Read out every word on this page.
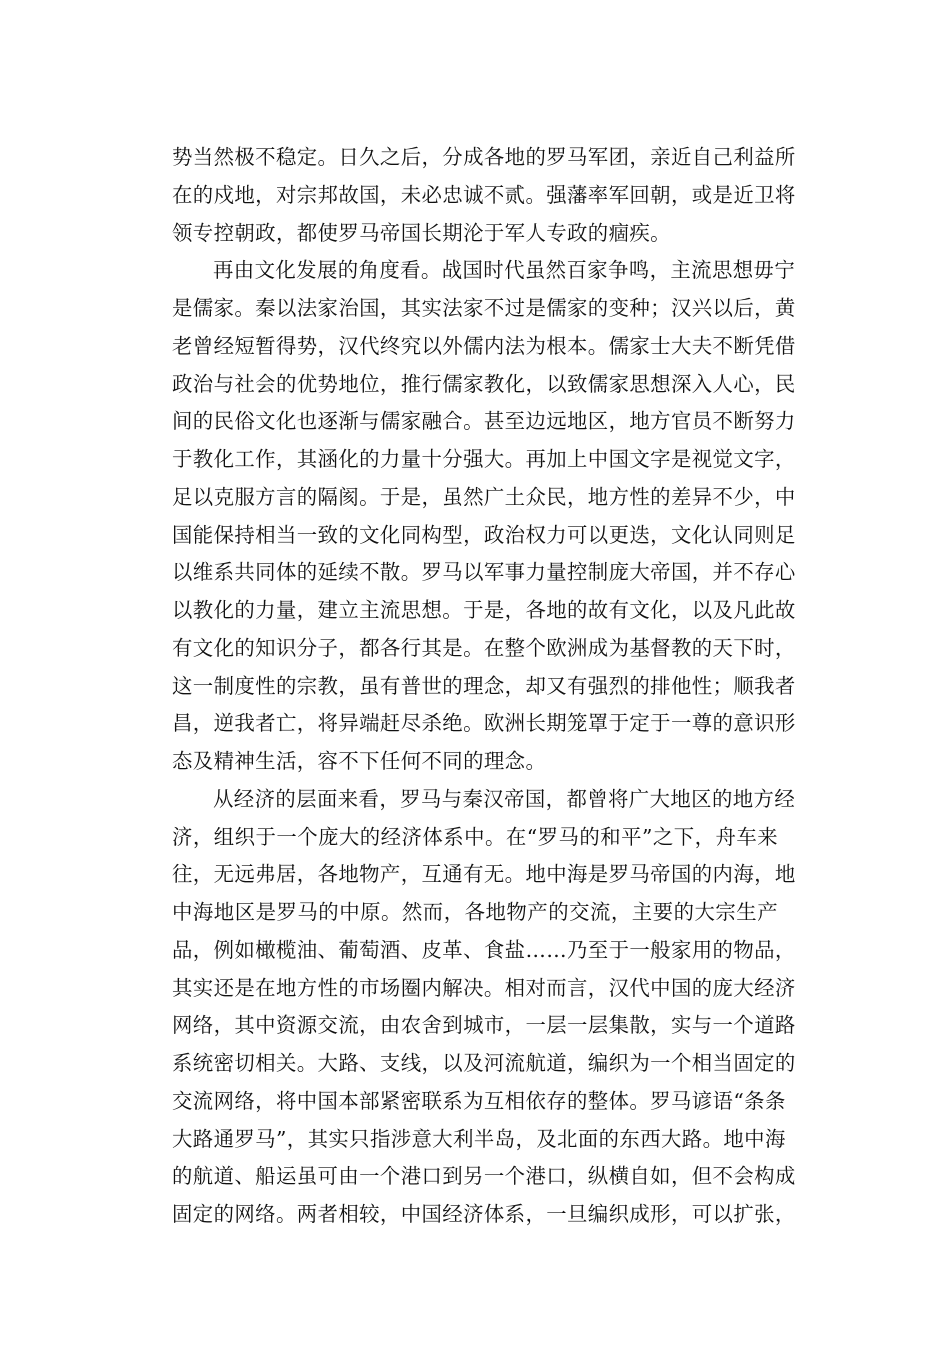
势当然极不稳定。日久之后，分成各地的罗马军团，亲近自己利益所
在的戍地，对宗邦故国，未必忠诚不贰。强藩率军回朝，或是近卫将
领专控朝政，都使罗马帝国长期沦于军人专政的痼疾。
再由文化发展的角度看。战国时代虽然百家争鸣，主流思想毋宁
是儒家。秦以法家治国，其实法家不过是儒家的变种；汉兴以后，黄
老曾经短暂得势，汉代终究以外儒内法为根本。儒家士大夫不断凭借
政治与社会的优势地位，推行儒家教化，以致儒家思想深入人心，民
间的民俗文化也逐渐与儒家融合。甚至边远地区，地方官员不断努力
于教化工作，其涵化的力量十分强大。再加上中国文字是视觉文字，
足以克服方言的隔阂。于是，虽然广土众民，地方性的差异不少，中
国能保持相当一致的文化同构型，政治权力可以更迭，文化认同则足
以维系共同体的延续不散。罗马以军事力量控制庞大帝国，并不存心
以教化的力量，建立主流思想。于是，各地的故有文化，以及凡此故
有文化的知识分子，都各行其是。在整个欧洲成为基督教的天下时，
这一制度性的宗教，虽有普世的理念，却又有强烈的排他性；顺我者
昌，逆我者亡，将异端赶尽杀绝。欧洲长期笼罩于定于一尊的意识形
态及精神生活，容不下任何不同的理念。
从经济的层面来看，罗马与秦汉帝国，都曾将广大地区的地方经
济，组织于一个庞大的经济体系中。在“罗马的和平”之下，舟车来
往，无远弗居，各地物产，互通有无。地中海是罗马帝国的内海，地
中海地区是罗马的中原。然而，各地物产的交流，主要的大宗生产
品，例如橄榄油、葡萄酒、皮革、食盐……乃至于一般家用的物品，
其实还是在地方性的市场圈内解决。相对而言，汉代中国的庞大经济
网络，其中资源交流，由农舍到城市，一层一层集散，实与一个道路
系统密切相关。大路、支线，以及河流航道，编织为一个相当固定的
交流网络，将中国本部紧密联系为互相依存的整体。罗马谚语“条条
大路通罗马”，其实只指涉意大利半岛，及北面的东西大路。地中海
的航道、船运虽可由一个港口到另一个港口，纵横自如，但不会构成
固定的网络。两者相较，中国经济体系，一旦编织成形，可以扩张，
